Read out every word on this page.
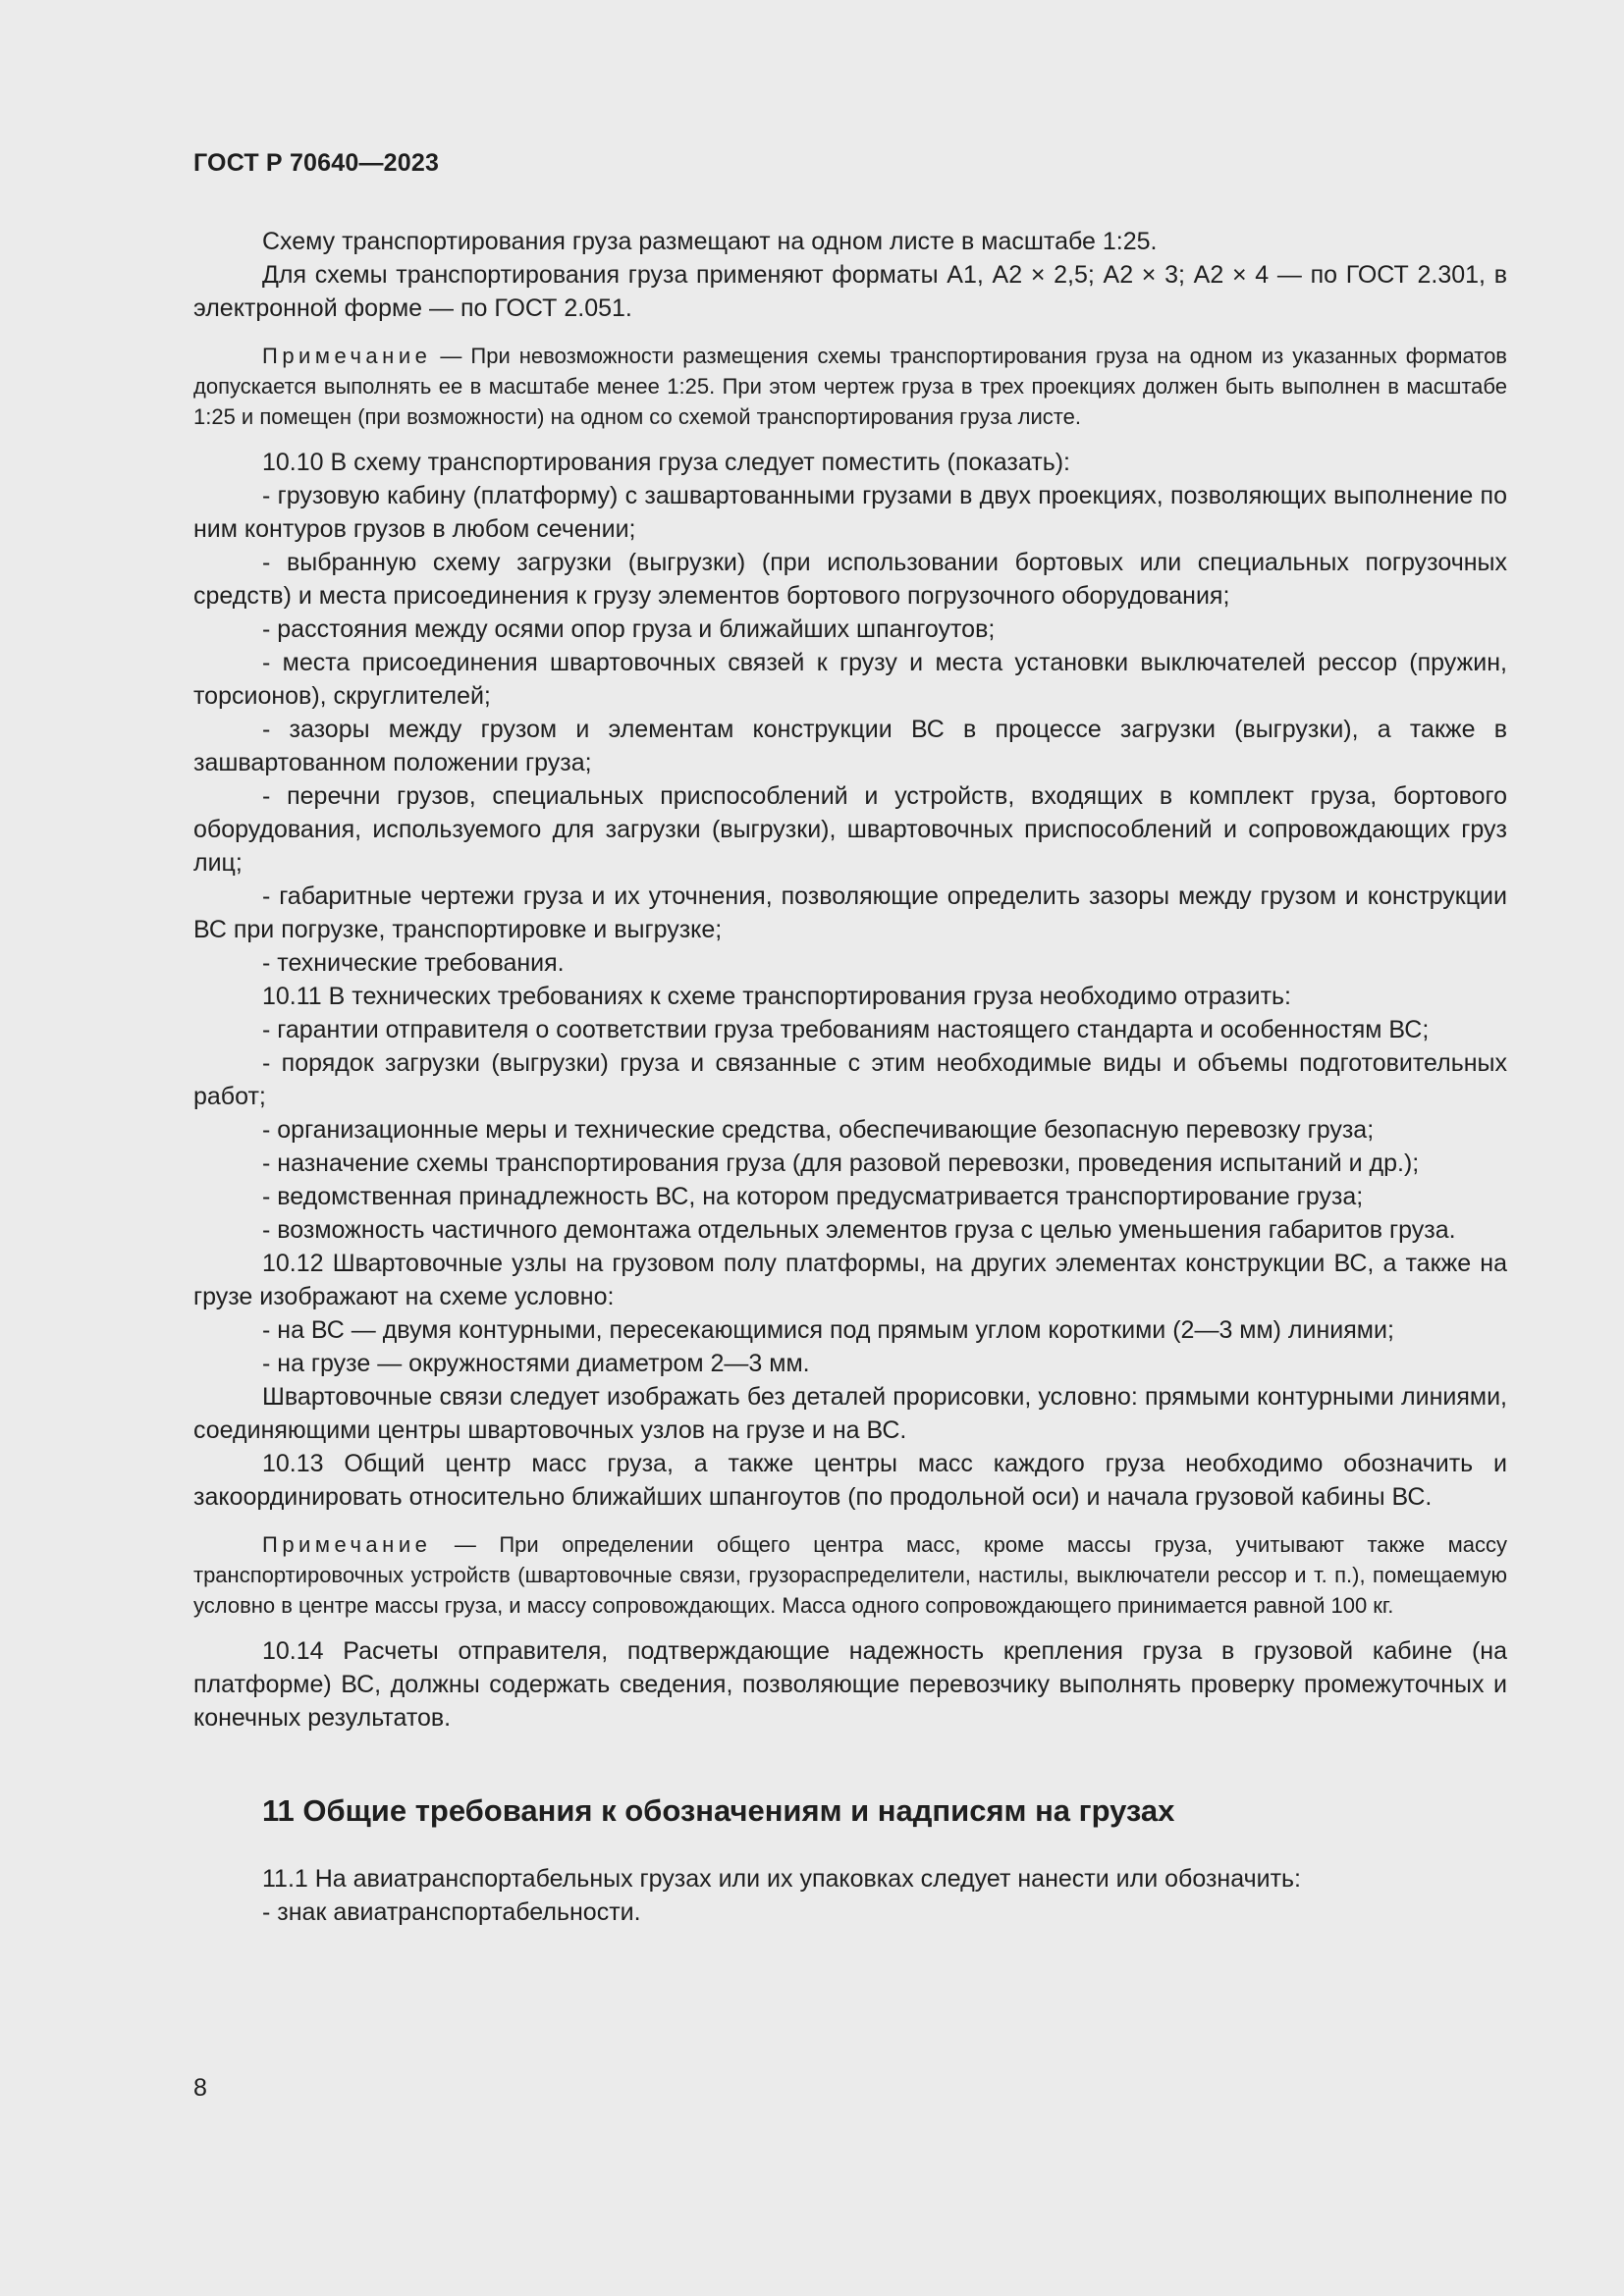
ГОСТ Р 70640—2023

Схему транспортирования груза размещают на одном листе в масштабе 1:25.

Для схемы транспортирования груза применяют форматы А1, А2 × 2,5; А2 × 3; А2 × 4 — по ГОСТ 2.301, в электронной форме — по ГОСТ 2.051.

Примечание — При невозможности размещения схемы транспортирования груза на одном из указанных форматов допускается выполнять ее в масштабе менее 1:25. При этом чертеж груза в трех проекциях должен быть выполнен в масштабе 1:25 и помещен (при возможности) на одном со схемой транспортирования груза листе.

10.10 В схему транспортирования груза следует поместить (показать):

- грузовую кабину (платформу) с зашвартованными грузами в двух проекциях, позволяющих выполнение по ним контуров грузов в любом сечении;

- выбранную схему загрузки (выгрузки) (при использовании бортовых или специальных погрузочных средств) и места присоединения к грузу элементов бортового погрузочного оборудования;

- расстояния между осями опор груза и ближайших шпангоутов;

- места присоединения швартовочных связей к грузу и места установки выключателей рессор (пружин, торсионов), скруглителей;

- зазоры между грузом и элементам конструкции ВС в процессе загрузки (выгрузки), а также в зашвартованном положении груза;

- перечни грузов, специальных приспособлений и устройств, входящих в комплект груза, бортового оборудования, используемого для загрузки (выгрузки), швартовочных приспособлений и сопровождающих груз лиц;

- габаритные чертежи груза и их уточнения, позволяющие определить зазоры между грузом и конструкции ВС при погрузке, транспортировке и выгрузке;

- технические требования.

10.11 В технических требованиях к схеме транспортирования груза необходимо отразить:

- гарантии отправителя о соответствии груза требованиям настоящего стандарта и особенностям ВС;

- порядок загрузки (выгрузки) груза и связанные с этим необходимые виды и объемы подготовительных работ;

- организационные меры и технические средства, обеспечивающие безопасную перевозку груза;

- назначение схемы транспортирования груза (для разовой перевозки, проведения испытаний и др.);

- ведомственная принадлежность ВС, на котором предусматривается транспортирование груза;

- возможность частичного демонтажа отдельных элементов груза с целью уменьшения габаритов груза.

10.12 Швартовочные узлы на грузовом полу платформы, на других элементах конструкции ВС, а также на грузе изображают на схеме условно:

- на ВС — двумя контурными, пересекающимися под прямым углом короткими (2—3 мм) линиями;

- на грузе — окружностями диаметром 2—3 мм.

Швартовочные связи следует изображать без деталей прорисовки, условно: прямыми контурными линиями, соединяющими центры швартовочных узлов на грузе и на ВС.

10.13 Общий центр масс груза, а также центры масс каждого груза необходимо обозначить и закоординировать относительно ближайших шпангоутов (по продольной оси) и начала грузовой кабины ВС.

Примечание — При определении общего центра масс, кроме массы груза, учитывают также массу транспортировочных устройств (швартовочные связи, грузораспределители, настилы, выключатели рессор и т. п.), помещаемую условно в центре массы груза, и массу сопровождающих. Масса одного сопровождающего принимается равной 100 кг.

10.14 Расчеты отправителя, подтверждающие надежность крепления груза в грузовой кабине (на платформе) ВС, должны содержать сведения, позволяющие перевозчику выполнять проверку промежуточных и конечных результатов.

11 Общие требования к обозначениям и надписям на грузах

11.1 На авиатранспортабельных грузах или их упаковках следует нанести или обозначить:

- знак авиатранспортабельности.

8
